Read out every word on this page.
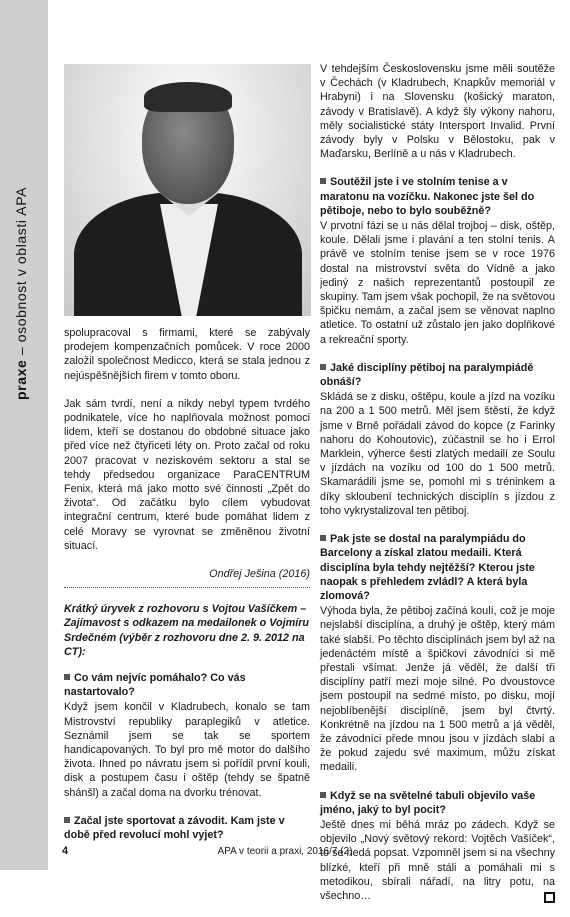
praxe – osobnost v oblasti APA	spolupracoval s firmami, které se zabývaly prodejem kompenzačních pomůcek. V roce 2000 založil společnost Medicco, která se stala jednou z nejúspěšnějších firem v tomto oboru.

Jak sám tvrdí, není a nikdy nebyl typem tvrdého podnikatele, více ho naplňovala možnost pomoci lidem, kteří se dostanou do obdobné situace jako před více než čtyřiceti léty on. Proto začal od roku 2007 pracovat v neziskovém sektoru a stal se tehdy předsedou organizace ParaCENTRUM Fenix, která má jako motto své činnosti „Zpět do života“. Od začátku bylo cílem vybudovat integrační centrum, které bude pomáhat lidem z celé Moravy se vyrovnat se změněnou životní situací.

Ondřej Ješina (2016)

Krátký úryvek z rozhovoru s Vojtou Vašíčkem – Zajímavost s odkazem na medailonek o Vojmíru Srdečném (výběr z rozhovoru dne 2. 9. 2012 na CT):

Co vám nejvíc pomáhalo? Co vás nastartovalo?

Když jsem končil v Kladrubech, konalo se tam Mistrovství republiky paraplegiků v atletice. Seznámil jsem se tak se sportem handicapovaných. To byl pro mě motor do dalšího života. Ihned po návratu jsem si pořídil první kouli, disk a postupem času i oštěp (tehdy se špatně shánšl) a začal doma na dvorku trénovat.

Začal jste sportovat a závodit. Kam jste v době před revolucí mohl vyjet?

V tehdejším Československu jsme měli soutěže v Čechách (v Kladrubech, Knapkův memoriál v Hrabyni) i na Slovensku (košický maraton, závody v Bratislavě). A když šly výkony nahoru, měly socialistické státy Intersport Invalid. První závody byly v Polsku v Bělostoku, pak v Maďarsku, Berlíně a u nás v Kladrubech.

Soutěžil jste i ve stolním tenise a v maratonu na vozíčku. Nakonec jste šel do pětiboje, nebo to bylo souběžně?

V prvotní fázi se u nás dělal trojboj – disk, oštěp, koule. Dělali jsme i plavání a ten stolní tenis. A právě ve stolním tenise jsem se v roce 1976 dostal na mistrovství světa do Vídně a jako jediný z našich reprezentantů postoupil ze skupiny. Tam jsem však pochopil, že na světovou špičku nemám, a začal jsem se věnovat naplno atletice. To ostatní už zůstalo jen jako doplňkové a rekreační sporty.

Jaké disciplíny pětiboj na paralympiádě obnáší?

Skládá se z disku, oštěpu, koule a jízd na vozíku na 200 a 1 500 metrů. Měl jsem štěstí, že když jsme v Brně pořádali závod do kopce (z Farinky nahoru do Kohoutovic), zúčastnil se ho i Errol Marklein, výherce šesti zlatých medailí ze Soulu v jízdách na vozíku od 100 do 1 500 metrů. Skamarádili jsme se, pomohl mi s tréninkem a díky skloubení technických disciplín s jízdou z toho vykrystalizoval ten pětiboj.

Pak jste se dostal na paralympiádu do Barcelony a získal zlatou medaili. Která disciplína byla tehdy nejtěžší? Kterou jste naopak s přehledem zvládl? A která byla zlomová?

Výhoda byla, že pětiboj začíná koulí, což je moje nejslabší disciplína, a druhý je oštěp, který mám také slabší. Po těchto disciplínách jsem byl až na jedenáctém místě a špičkoví závodníci si mě přestali všímat. Jenže já věděl, že další tři disciplíny patří mezi moje silné. Po dvoustovce jsem postoupil na sedmé místo, po disku, mojí nejoblíbenější disciplíně, jsem byl čtvrtý. Konkrétně na jízdou na 1 500 metrů a já věděl, že závodníci přede mnou jsou v jízdách slabí a že pokud zajedu své maximum, můžu získat medaili.

Když se na světelné tabuli objevilo vaše jméno, jaký to byl pocit?

Ještě dnes mi běhá mráz po zádech. Když se objevilo „Nový světový rekord: Vojtěch Vašíček“, to se nedá popsat. Vzpomněl jsem si na všechny blízké, kteří při mně stáli a pomáhali mi s metodikou, sbírali nářadí, na litry potu, na všechno…

4	APA v teorii a praxi, 2016/7 (2)
